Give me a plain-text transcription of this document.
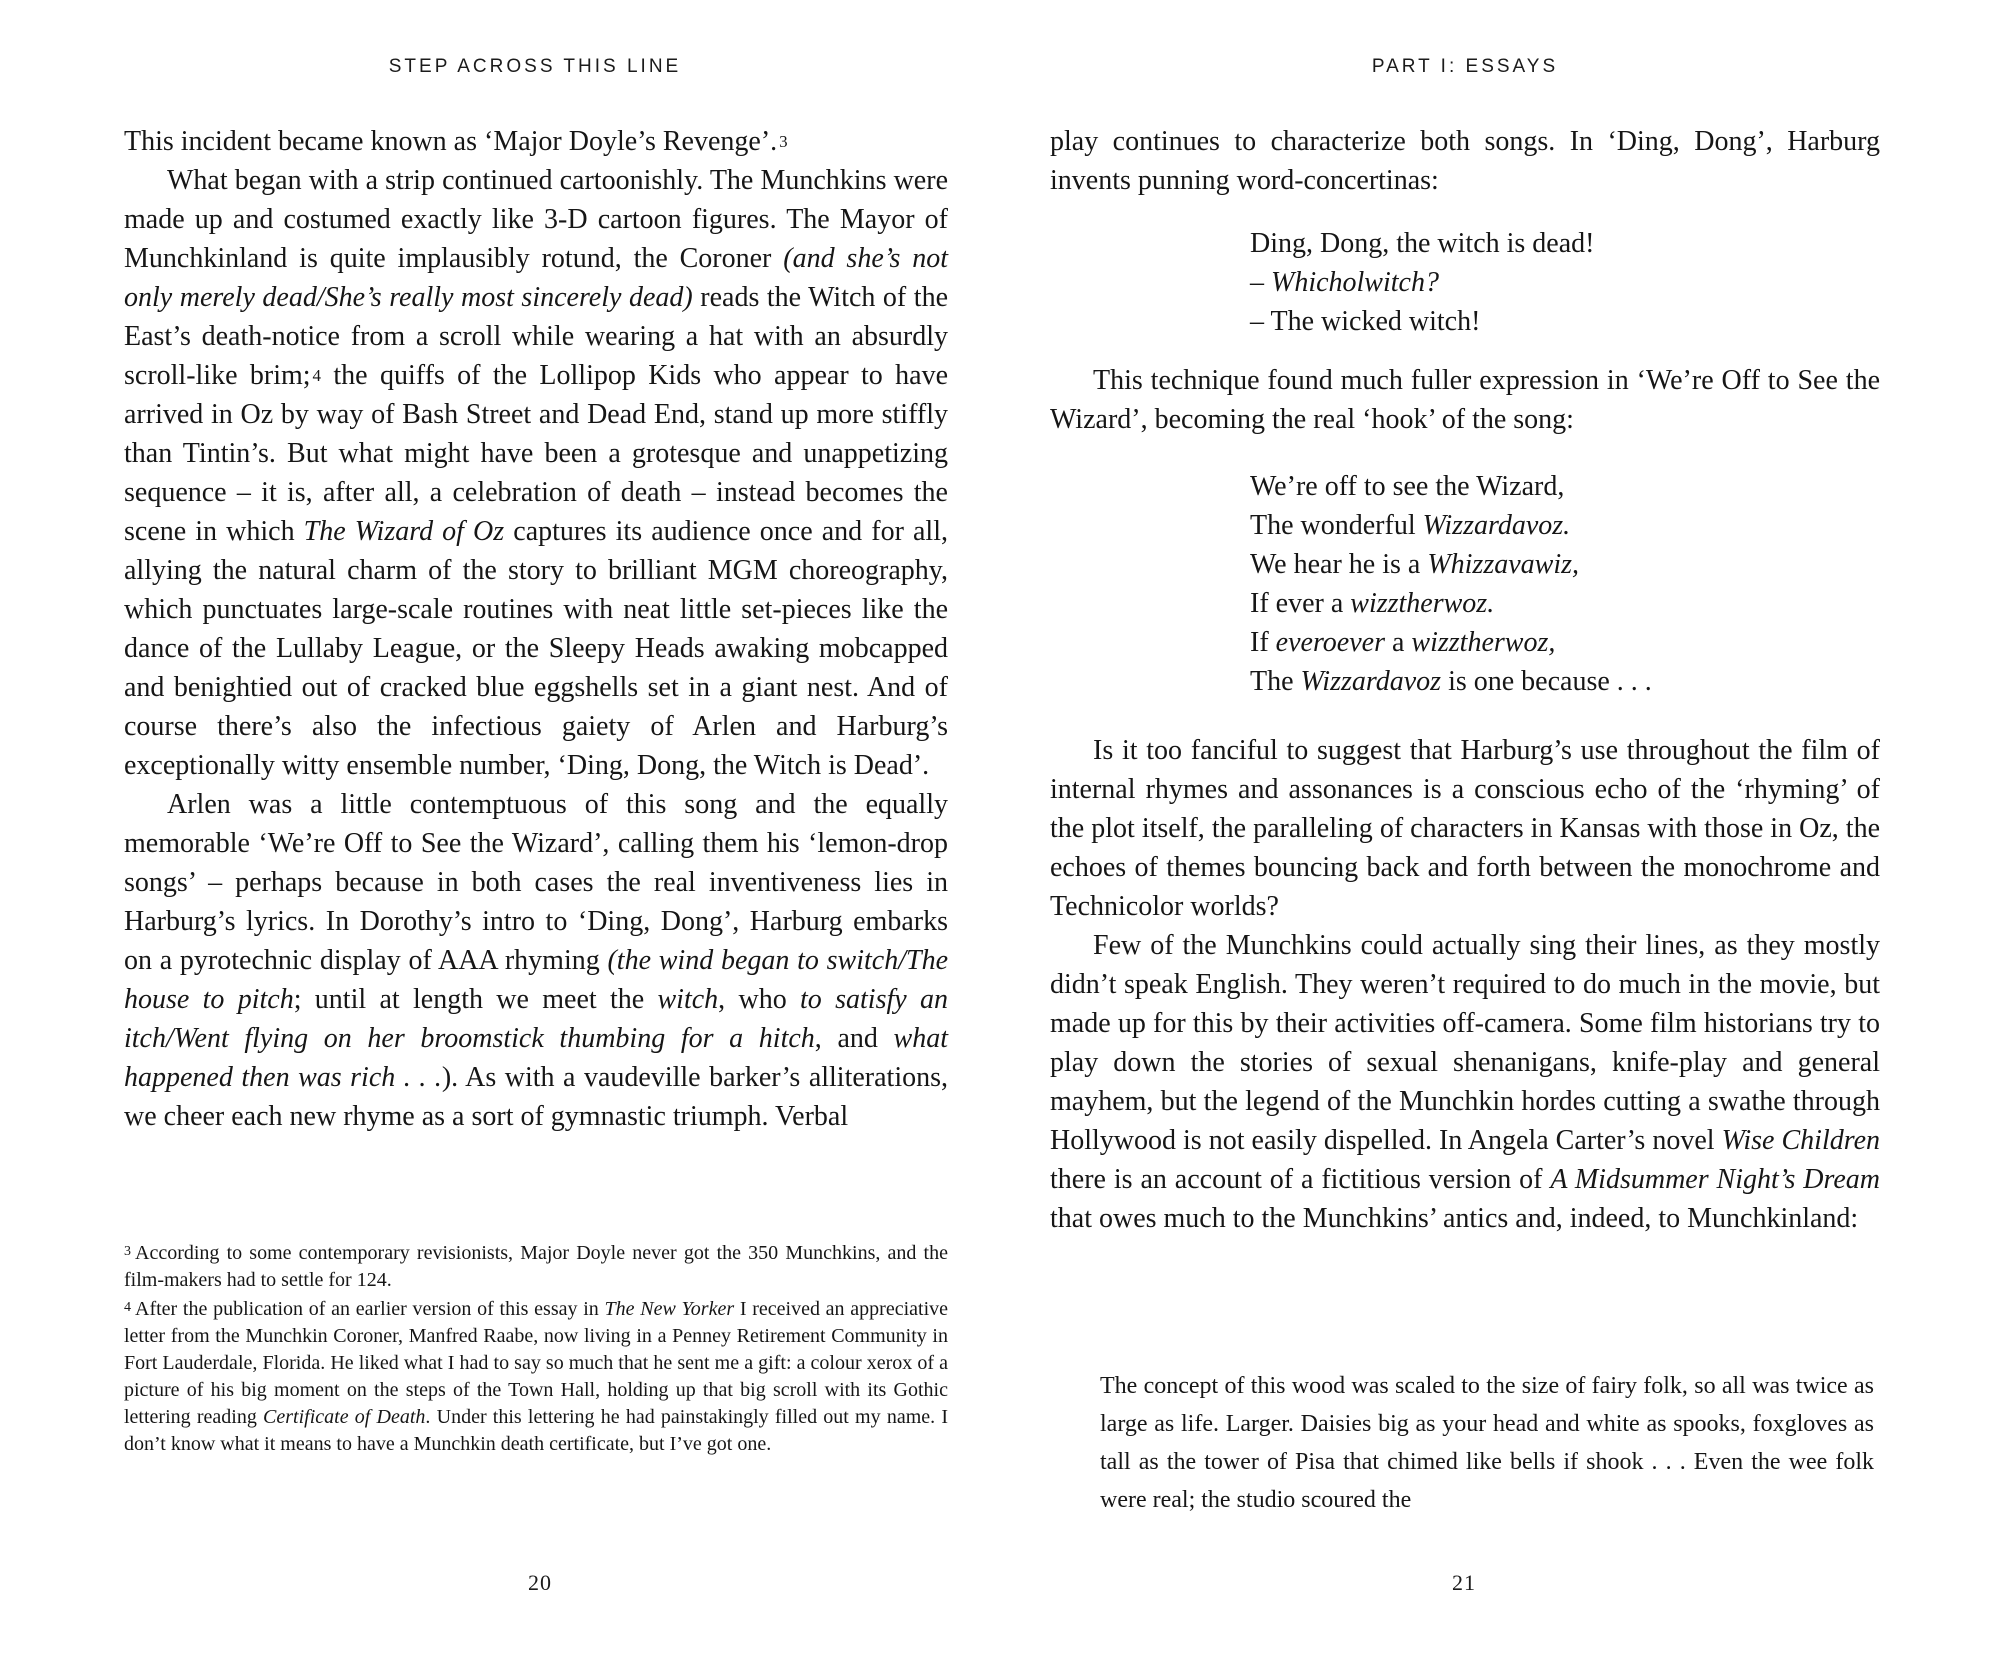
STEP ACROSS THIS LINE

This incident became known as ‘Major Doyle’s Revenge’. 3

What began with a strip continued cartoonishly. The Munchkins were made up and costumed exactly like 3-D cartoon figures. The Mayor of Munchkinland is quite implausibly rotund, the Coroner (and she’s not only merely dead/She’s really most sincerely dead) reads the Witch of the East’s death-notice from a scroll while wearing a hat with an absurdly scroll-like brim; 4 the quiffs of the Lollipop Kids who appear to have arrived in Oz by way of Bash Street and Dead End, stand up more stiffly than Tintin’s. But what might have been a grotesque and unappetizing sequence – it is, after all, a celebration of death – instead becomes the scene in which The Wizard of Oz captures its audience once and for all, allying the natural charm of the story to brilliant MGM choreography, which punctuates large-scale routines with neat little set-pieces like the dance of the Lullaby League, or the Sleepy Heads awaking mobcapped and benightied out of cracked blue eggshells set in a giant nest. And of course there’s also the infectious gaiety of Arlen and Harburg’s exceptionally witty ensemble number, ‘Ding, Dong, the Witch is Dead’.

Arlen was a little contemptuous of this song and the equally memorable ‘We’re Off to See the Wizard’, calling them his ‘lemon-drop songs’ – perhaps because in both cases the real inventiveness lies in Harburg’s lyrics. In Dorothy’s intro to ‘Ding, Dong’, Harburg embarks on a pyrotechnic display of AAA rhyming (the wind began to switch/The house to pitch; until at length we meet the witch, who to satisfy an itch/Went flying on her broomstick thumbing for a hitch, and what happened then was rich . . .). As with a vaudeville barker’s alliterations, we cheer each new rhyme as a sort of gymnastic triumph. Verbal

$^3$ According to some contemporary revisionists, Major Doyle never got the 350 Munchkins, and the film-makers had to settle for 124.

$^4$ After the publication of an earlier version of this essay in The New Yorker I received an appreciative letter from the Munchkin Coroner, Manfred Raabe, now living in a Penney Retirement Community in Fort Lauderdale, Florida. He liked what I had to say so much that he sent me a gift: a colour xerox of a picture of his big moment on the steps of the Town Hall, holding up that big scroll with its Gothic lettering reading Certificate of Death. Under this lettering he had painstakingly filled out my name. I don’t know what it means to have a Munchkin death certificate, but I’ve got one.

20
PART I: ESSAYS

play continues to characterize both songs. In ‘Ding, Dong’, Harburg invents punning word-concertinas:

Ding, Dong, the witch is dead!
– Whicholwitch?
– The wicked witch!

This technique found much fuller expression in ‘We’re Off to See the Wizard’, becoming the real ‘hook’ of the song:

We’re off to see the Wizard,
The wonderful Wizzardavoz.
We hear he is a Whizzavawiz,
If ever a wizztherwoz.
If everoever a wizztherwoz,
The Wizzardavoz is one because . . .

Is it too fanciful to suggest that Harburg’s use throughout the film of internal rhymes and assonances is a conscious echo of the ‘rhyming’ of the plot itself, the paralleling of characters in Kansas with those in Oz, the echoes of themes bouncing back and forth between the monochrome and Technicolor worlds?

Few of the Munchkins could actually sing their lines, as they mostly didn’t speak English. They weren’t required to do much in the movie, but made up for this by their activities off-camera. Some film historians try to play down the stories of sexual shenanigans, knife-play and general mayhem, but the legend of the Munchkin hordes cutting a swathe through Hollywood is not easily dispelled. In Angela Carter’s novel Wise Children there is an account of a fictitious version of A Midsummer Night’s Dream that owes much to the Munchkins’ antics and, indeed, to Munchkinland:

The concept of this wood was scaled to the size of fairy folk, so all was twice as large as life. Larger. Daisies big as your head and white as spooks, foxgloves as tall as the tower of Pisa that chimed like bells if shook . . . Even the wee folk were real; the studio scoured the

21
